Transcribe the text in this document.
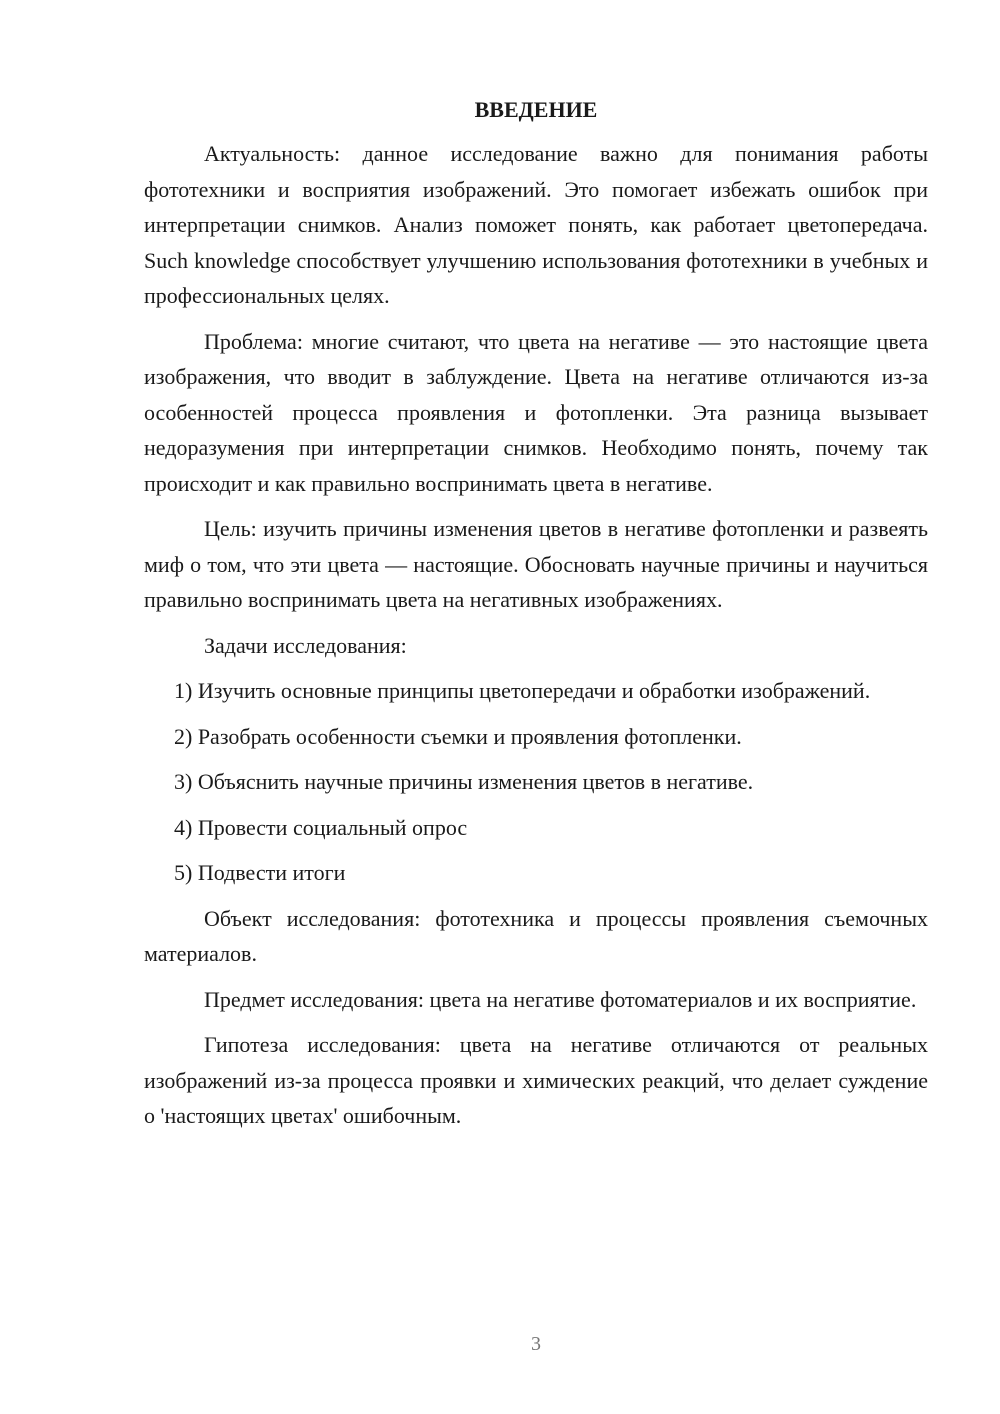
ВВЕДЕНИЕ

Актуальность: данное исследование важно для понимания работы фототехники и восприятия изображений. Это помогает избежать ошибок при интерпретации снимков. Анализ поможет понять, как работает цветопередача. Such knowledge способствует улучшению использования фототехники в учебных и профессиональных целях.

Проблема: многие считают, что цвета на негативе — это настоящие цвета изображения, что вводит в заблуждение. Цвета на негативе отличаются из-за особенностей процесса проявления и фотопленки. Эта разница вызывает недоразумения при интерпретации снимков. Необходимо понять, почему так происходит и как правильно воспринимать цвета в негативе.

Цель: изучить причины изменения цветов в негативе фотопленки и развеять миф о том, что эти цвета — настоящие. Обосновать научные причины и научиться правильно воспринимать цвета на негативных изображениях.

Задачи исследования:

1) Изучить основные принципы цветопередачи и обработки изображений.

2) Разобрать особенности съемки и проявления фотопленки.

3) Объяснить научные причины изменения цветов в негативе.

4) Провести социальный опрос

5) Подвести итоги

Объект исследования: фототехника и процессы проявления съемочных материалов.

Предмет исследования: цвета на негативе фотоматериалов и их восприятие.

Гипотеза исследования: цвета на негативе отличаются от реальных изображений из-за процесса проявки и химических реакций, что делает суждение о 'настоящих цветах' ошибочным.

3
